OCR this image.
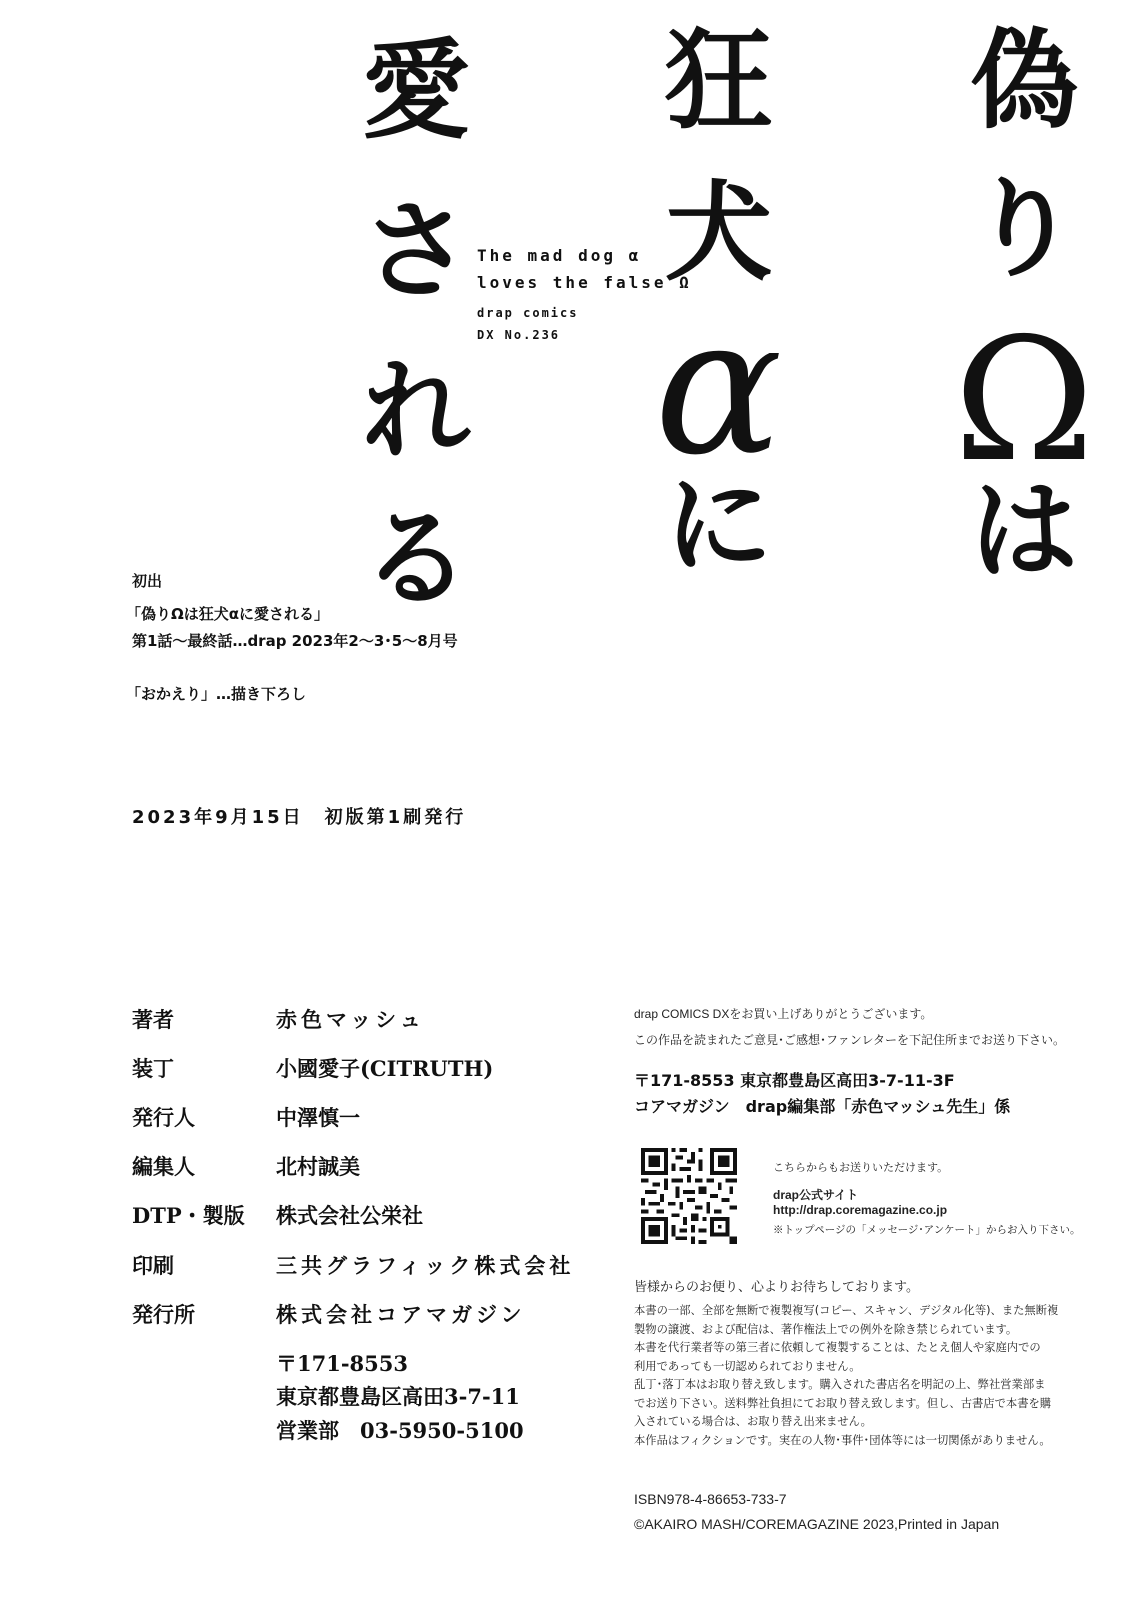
偽
り
Ω
は
狂
犬
α
に
愛
さ
れ
る
The mad dog α
loves the false Ω
drap comics
DX No.236
初出
「偽りΩは狂犬αに愛される」
第1話〜最終話…drap 2023年2〜3･5〜8月号
「おかえり」…描き下ろし
2023年9月15日　初版第1刷発行
著者	赤色マッシュ
装丁	小國愛子(CITRUTH)
発行人	中澤慎一
編集人	北村誠美
DTP・製版 株式会社公栄社
印刷	三共グラフィック株式会社
発行所	株式会社コアマガジン
〒171-8553
東京都豊島区高田3-7-11
営業部　03-5950-5100
drap COMICS DXをお買い上げありがとうございます。
この作品を読まれたご意見･ご感想･ファンレターを下記住所までお送り下さい。
〒171-8553 東京都豊島区高田3-7-11-3F
コアマガジン　drap編集部「赤色マッシュ先生」係
こちらからもお送りいただけます。
drap公式サイト
http://drap.coremagazine.co.jp
※トップページの「メッセージ･アンケート」からお入り下さい。
皆様からのお便り、心よりお待ちしております。
本書の一部、全部を無断で複製複写(コピー、スキャン、デジタル化等)、また無断複
製物の譲渡、および配信は、著作権法上での例外を除き禁じられています。
本書を代行業者等の第三者に依頼して複製することは、たとえ個人や家庭内での
利用であっても一切認められておりません。
乱丁･落丁本はお取り替え致します。購入された書店名を明記の上、弊社営業部ま
でお送り下さい。送料弊社負担にてお取り替え致します。但し、古書店で本書を購
入されている場合は、お取り替え出来ません。
本作品はフィクションです。実在の人物･事件･団体等には一切関係がありません。
ISBN978-4-86653-733-7
©AKAIRO MASH/COREMAGAZINE 2023,Printed in Japan
